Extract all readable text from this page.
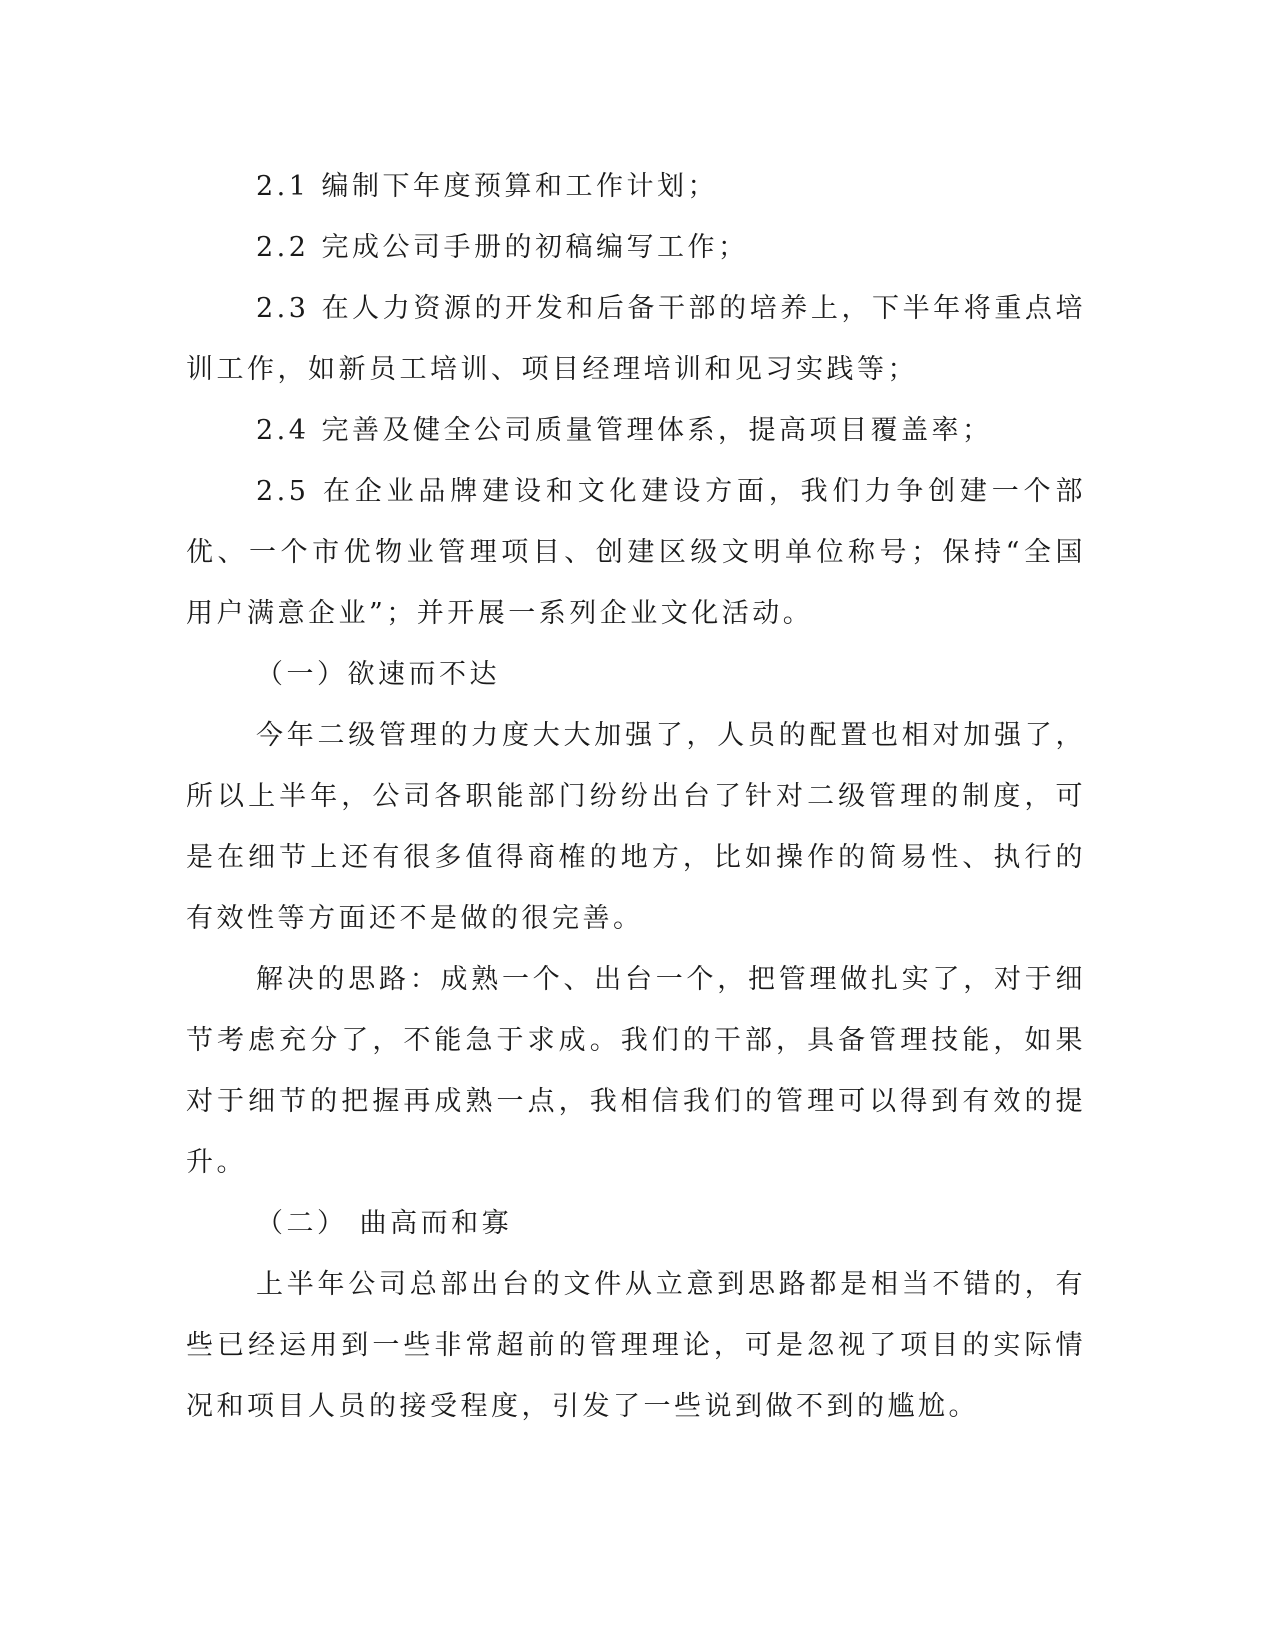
2.1 编制下年度预算和工作计划；

2.2 完成公司手册的初稿编写工作；

2.3 在人力资源的开发和后备干部的培养上，下半年将重点培训工作，如新员工培训、项目经理培训和见习实践等；

2.4 完善及健全公司质量管理体系，提高项目覆盖率；

2.5 在企业品牌建设和文化建设方面，我们力争创建一个部优、一个市优物业管理项目、创建区级文明单位称号；保持“全国用户满意企业”；并开展一系列企业文化活动。

（一）欲速而不达

今年二级管理的力度大大加强了，人员的配置也相对加强了，所以上半年，公司各职能部门纷纷出台了针对二级管理的制度，可是在细节上还有很多值得商榷的地方，比如操作的简易性、执行的有效性等方面还不是做的很完善。

解决的思路：成熟一个、出台一个，把管理做扎实了，对于细节考虑充分了，不能急于求成。我们的干部，具备管理技能，如果对于细节的把握再成熟一点，我相信我们的管理可以得到有效的提升。

（二） 曲高而和寡

上半年公司总部出台的文件从立意到思路都是相当不错的，有些已经运用到一些非常超前的管理理论，可是忽视了项目的实际情况和项目人员的接受程度，引发了一些说到做不到的尴尬。
